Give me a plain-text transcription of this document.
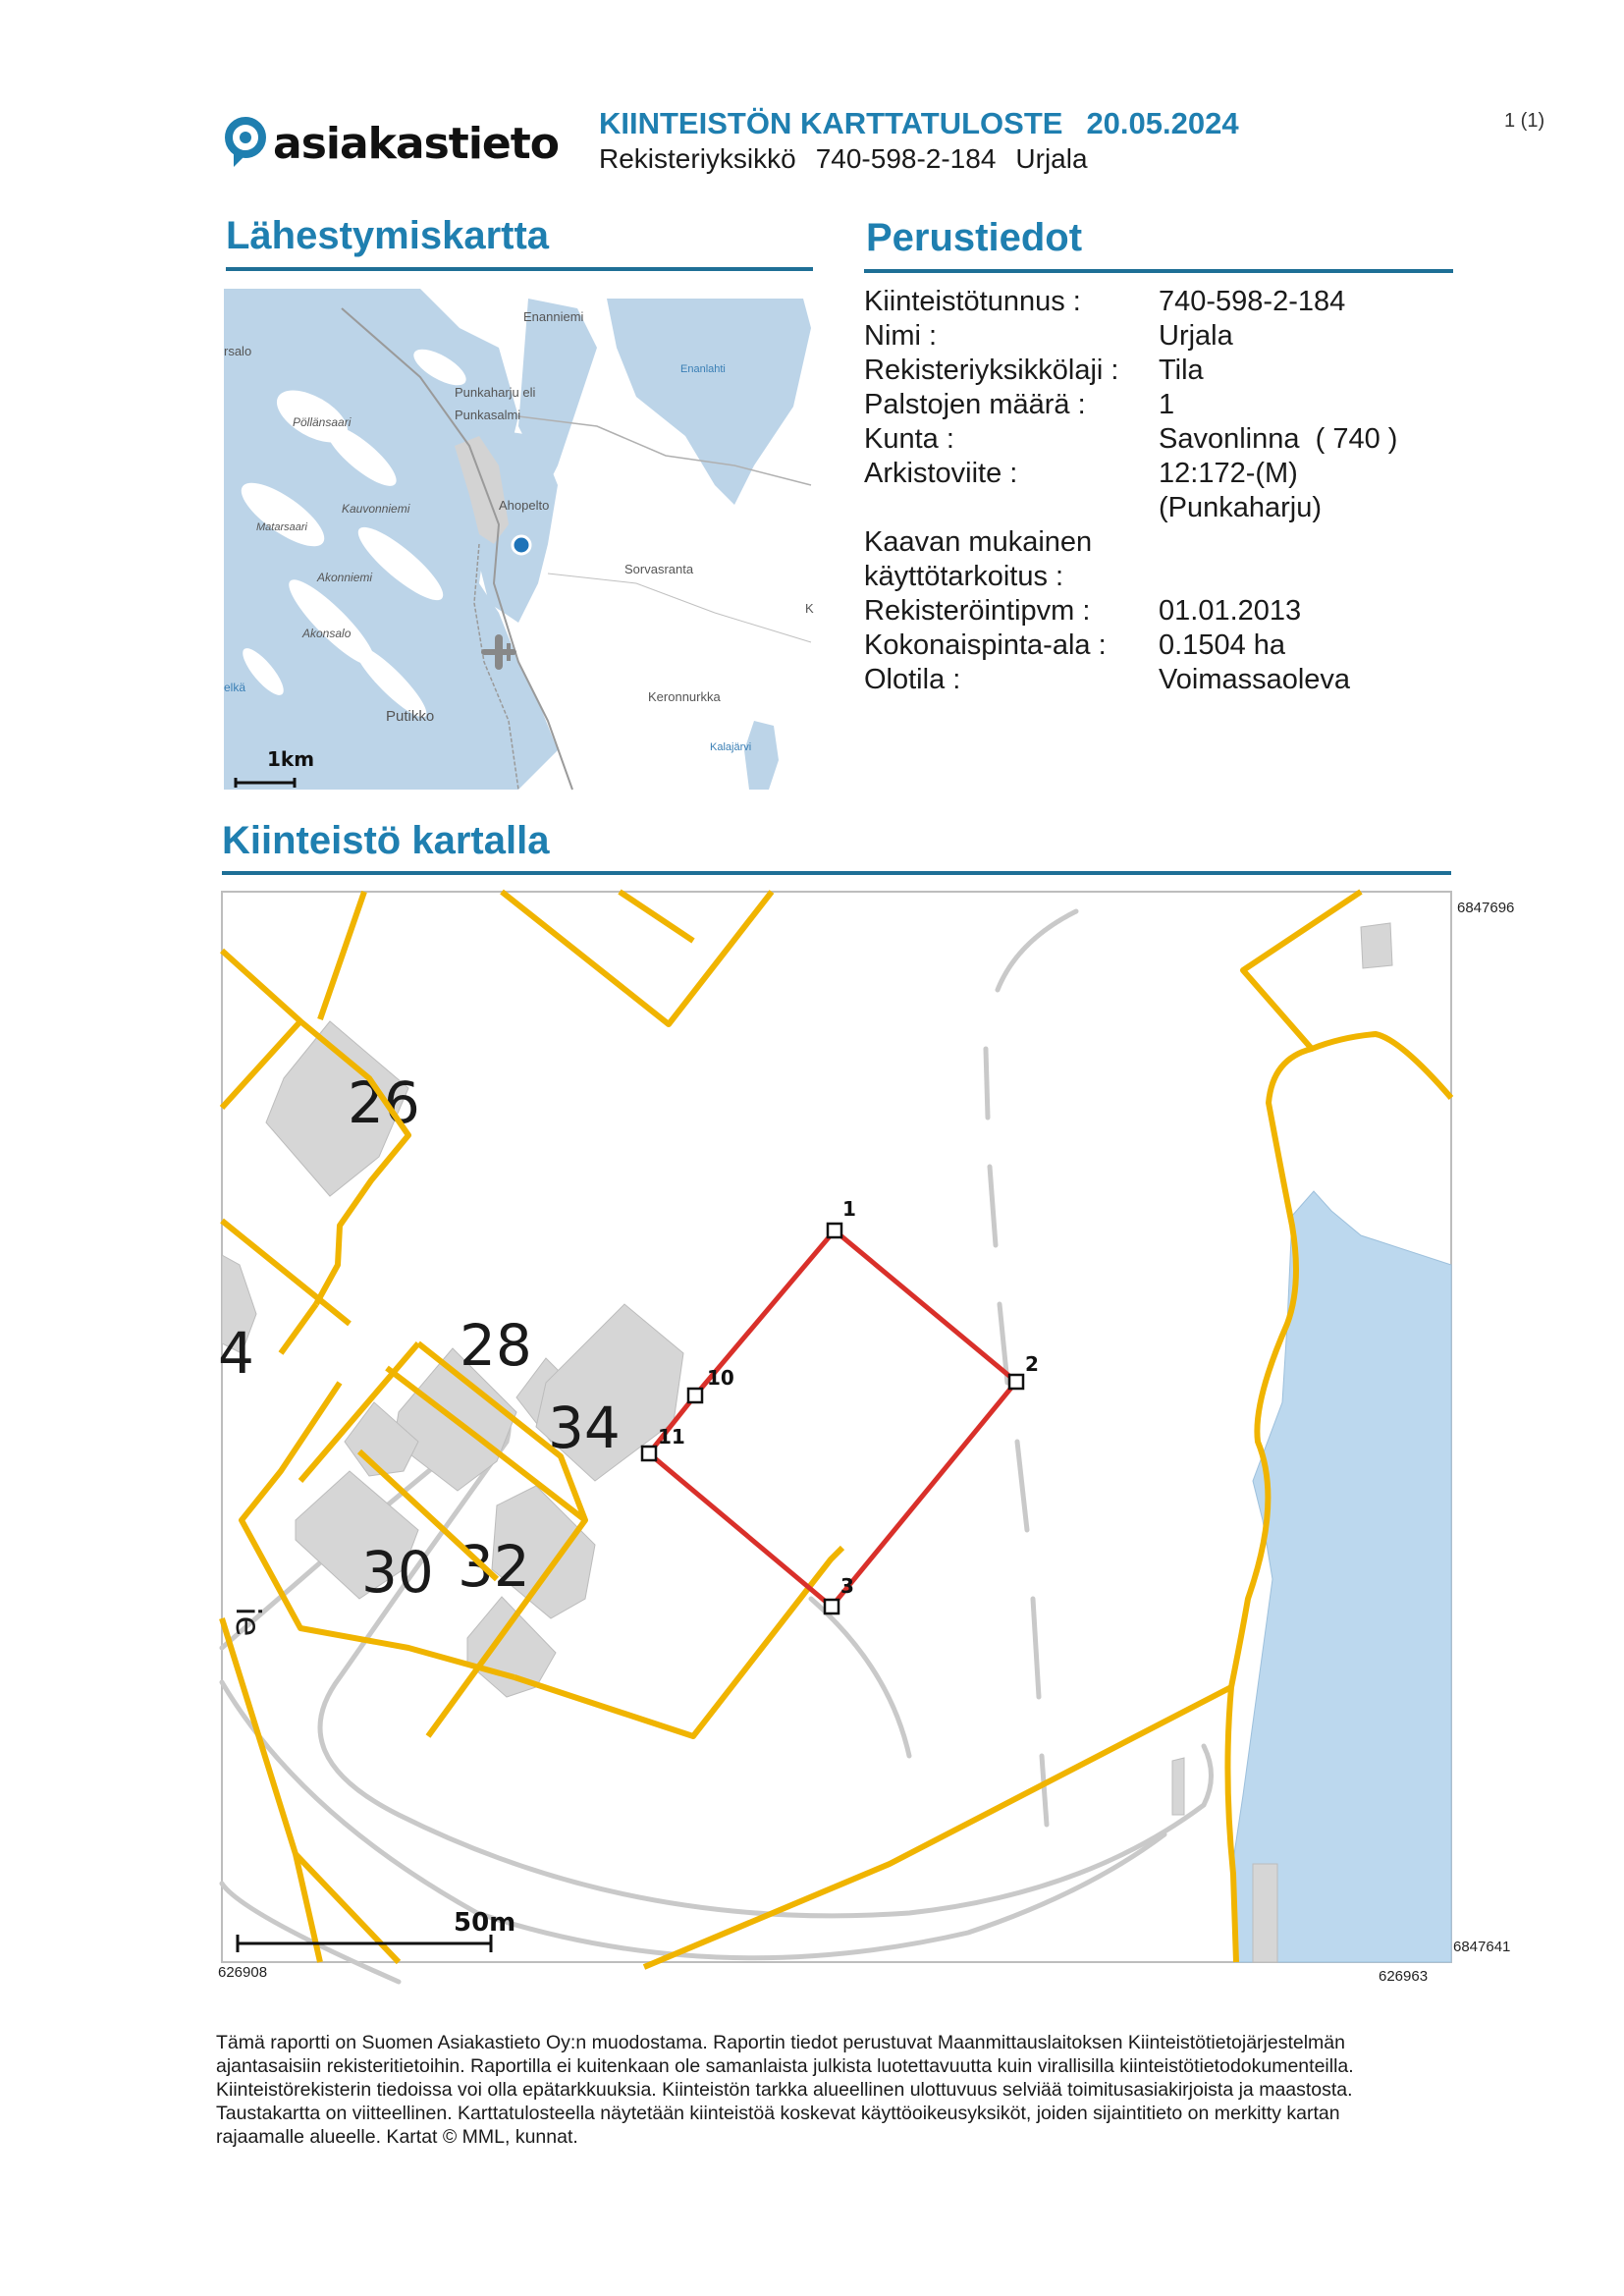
asiakastieto KIINTEISTÖN KARTTATULOSTE 20.05.2024
Rekisteriyksikkö 740-598-2-184 Urjala
1 (1)
Lähestymiskartta
Enanniemi
rsalo
Enanlahti
Punkaharju eli
Punkasalmi
Pöllänsaari
Kauvonniemi	Ahopelto
Matarsaari
Sorvasranta
Akonniemi
K
Akonsalo
elkä
Keronnurkka
Putikko
Kalajärvi
1km
Perustiedot
Kiinteistötunnus :	740-598-2-184
Nimi :	Urjala
Rekisteriyksikkölaji :	Tila
Palstojen määrä :	1
Kunta :	Savonlinna  ( 740 )
Arkistoviite :	12:172-(M)
(Punkaharju)
Kaavan mukainen
käyttötarkoitus :
Rekisteröintipvm :	01.01.2013
Kokonaispinta-ala :	0.1504 ha
Olotila :	Voimassaoleva
Kiinteistö kartalla
26
4	28
34
30 32
ie
1
2
3
10
11
50m
6847696
6847641
626908	626963
Tämä raportti on Suomen Asiakastieto Oy:n muodostama. Raportin tiedot perustuvat Maanmittauslaitoksen Kiinteistötietojärjestelmän ajantasaisiin rekisteritietoihin. Raportilla ei kuitenkaan ole samanlaista julkista luotettavuutta kuin virallisilla kiinteistötietodokumenteilla. Kiinteistörekisterin tiedoissa voi olla epätarkkuuksia. Kiinteistön tarkka alueellinen ulottuvuus selviää toimitusasiakirjoista ja maastosta. Taustakartta on viitteellinen. Karttatulosteella näytetään kiinteistöä koskevat käyttöoikeusyksiköt, joiden sijaintitieto on merkitty kartan rajaamalle alueelle. Kartat © MML, kunnat.
